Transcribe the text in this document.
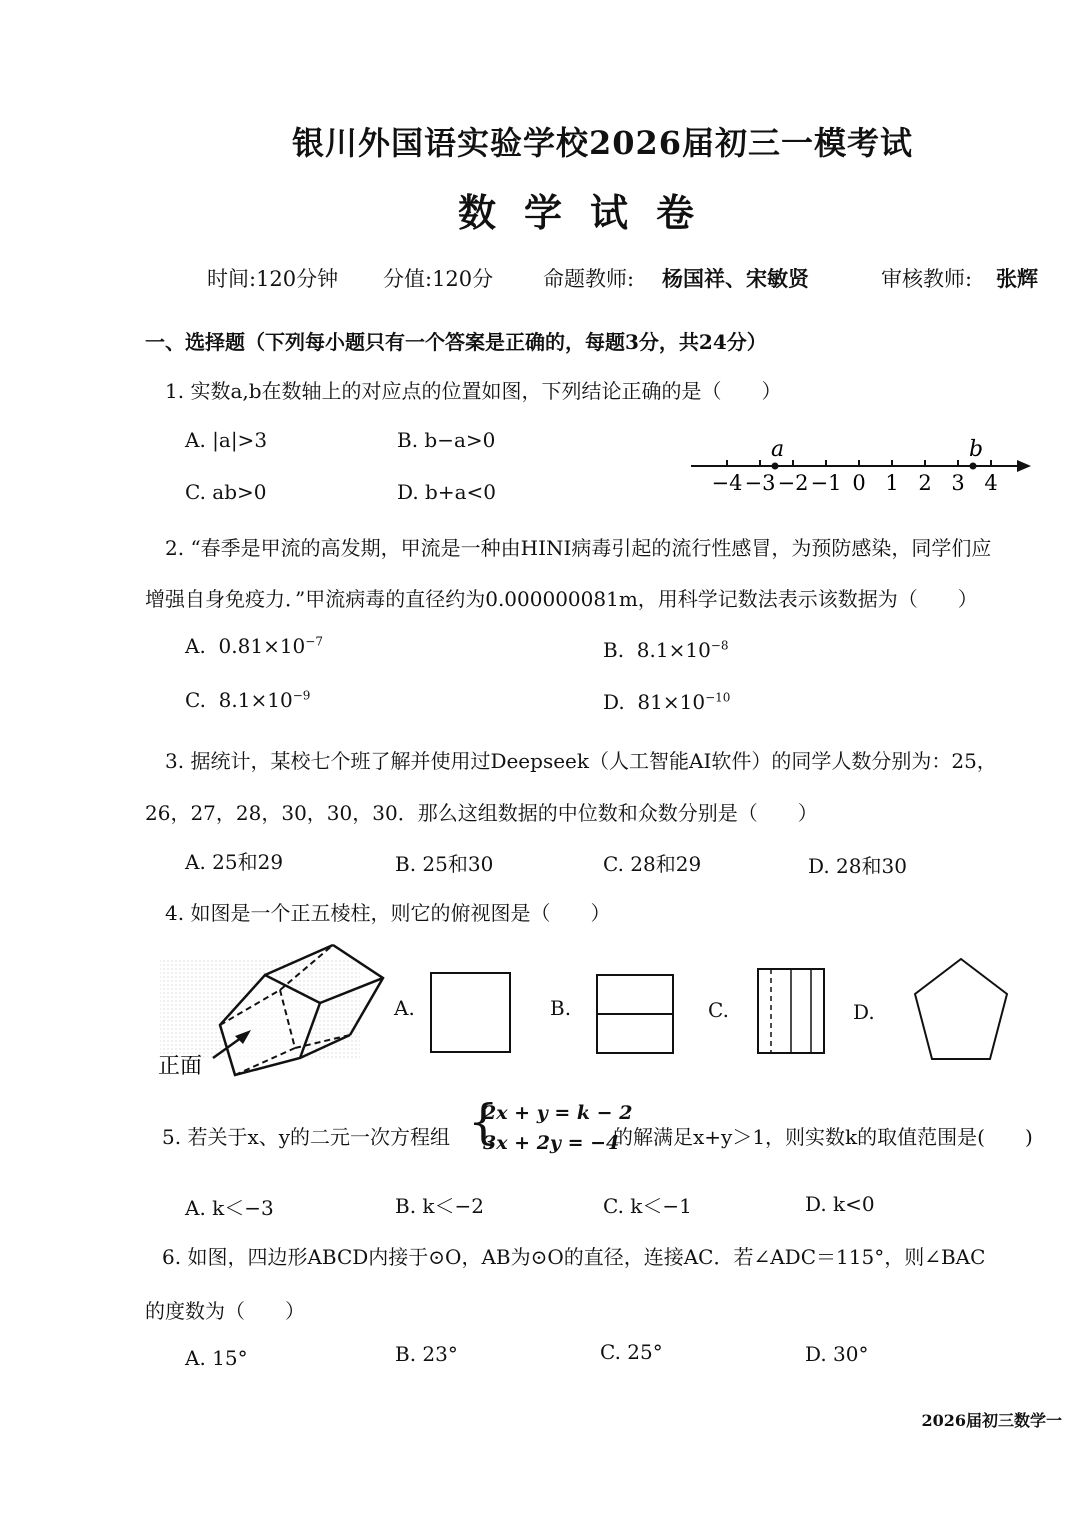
银川外国语实验学校2026届初三一模考试
数学试卷
时间:120分钟 分值:120分 命题教师: 杨国祥、宋敏贤	审核教师: 张辉
一、选择题（下列每小题只有一个答案是正确的，每题3分，共24分）
1. 实数a,b在数轴上的对应点的位置如图，下列结论正确的是（　　）
A. |a|>3	B. b−a>0
C. ab>0	D. b+a<0	−4 −3 −2 −1 0 1 2 3 4
a	b
2. “春季是甲流的高发期，甲流是一种由HINI病毒引起的流行性感冒，为预防感染，同学们应
增强自身免疫力．”甲流病毒的直径约为0.000000081m，用科学记数法表示该数据为（　　）
A. $0.81\times 10^{-7}$	B. $8.1\times 10^{-8}$
C. $8.1\times 10^{-9}$	D. $81\times 10^{-10}$
3. 据统计，某校七个班了解并使用过Deepseek（人工智能AI软件）的同学人数分别为：25，
26，27，28，30，30，30．那么这组数据的中位数和众数分别是（　　）
A. 25和29	B. 25和30	C. 28和29	D. 28和30
4. 如图是一个正五棱柱，则它的俯视图是（　　）
正面
A.	B.	C.	D.
5. 若关于x、y的二元一次方程组 {
2x + y = k − 2
3x + 2y = −4
的解满足x+y＞1，则实数k的取值范围是(　　)
A. k＜−3	B. k＜−2	C. k＜−1	D. k<0
6. 如图，四边形ABCD内接于⊙O，AB为⊙O的直径，连接AC．若∠ADC＝115°，则∠BAC
的度数为（　　）
A. 15°	B. 23°	C. 25°	D. 30°
2026届初三数学一
